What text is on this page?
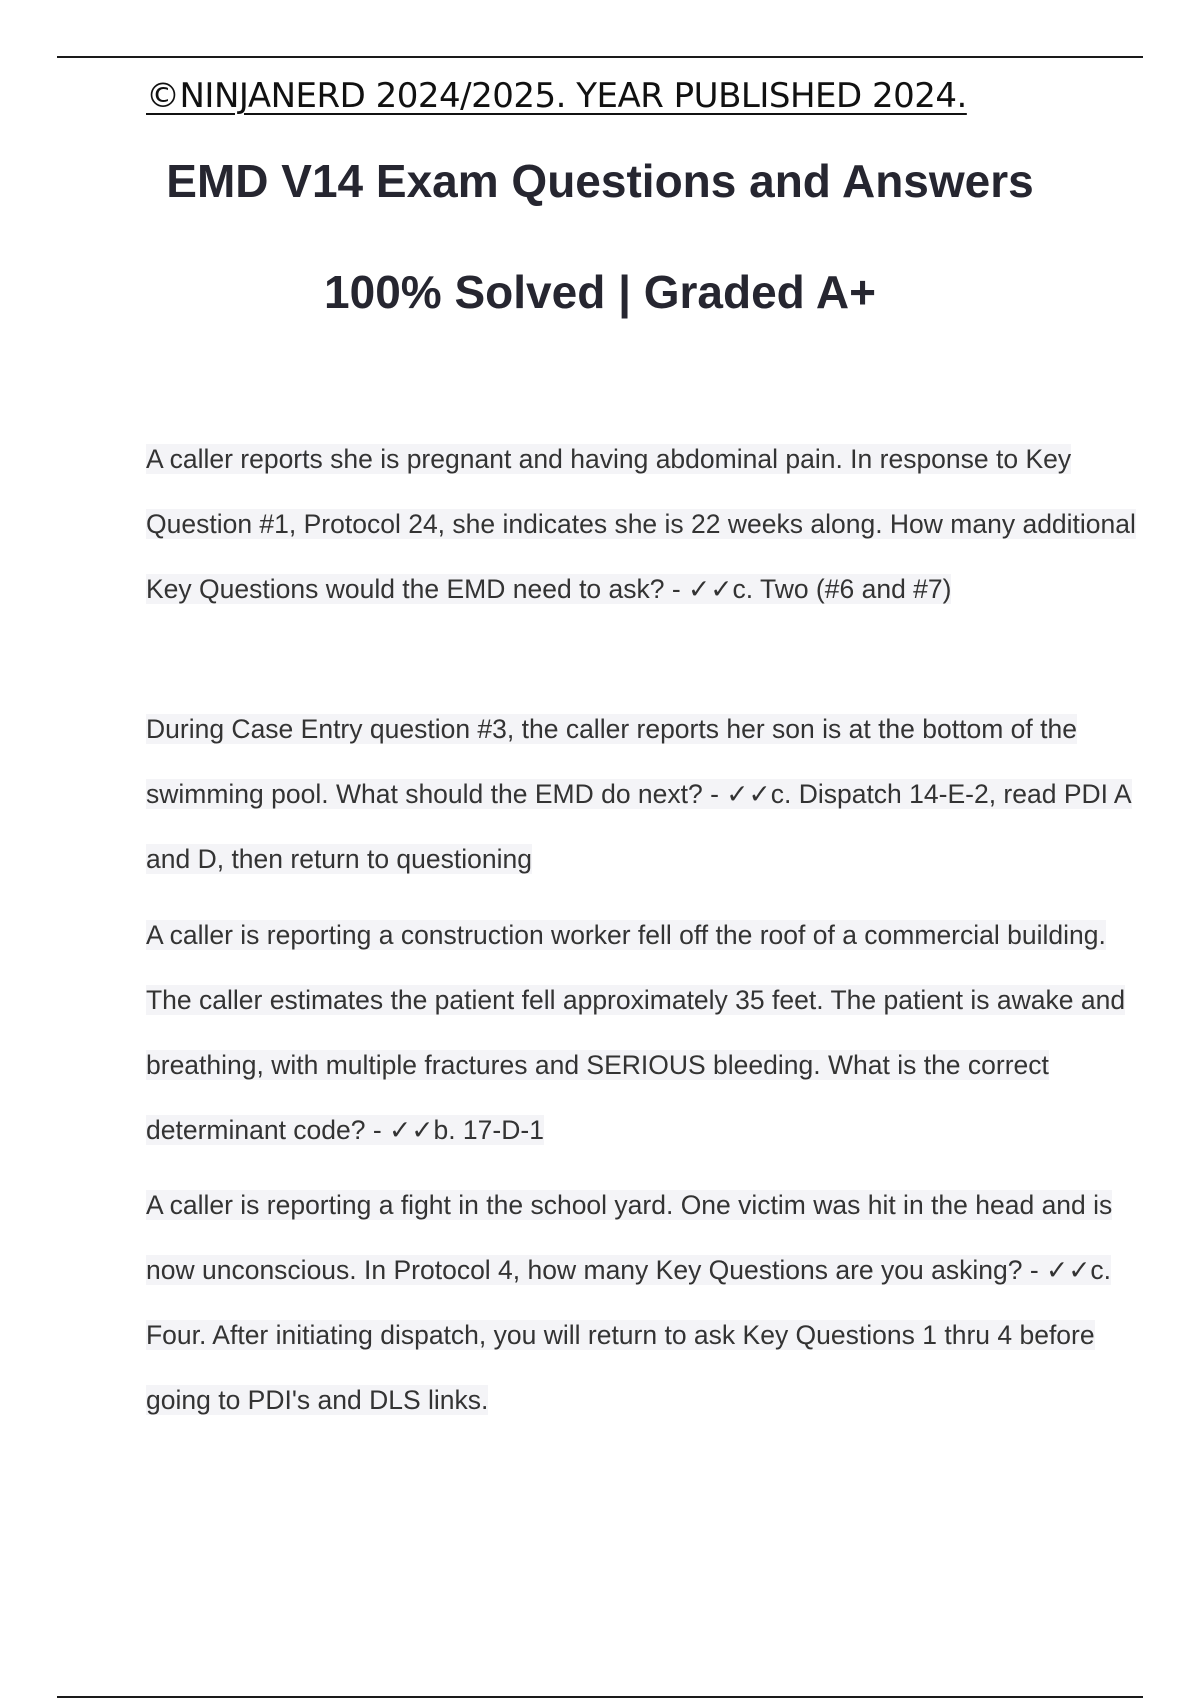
©NINJANERD 2024/2025. YEAR PUBLISHED 2024.
EMD V14 Exam Questions and Answers
100% Solved | Graded A+

A caller reports she is pregnant and having abdominal pain. In response to Key Question #1, Protocol 24, she indicates she is 22 weeks along. How many additional Key Questions would the EMD need to ask? - ✓✓c. Two (#6 and #7)

During Case Entry question #3, the caller reports her son is at the bottom of the swimming pool. What should the EMD do next? - ✓✓c. Dispatch 14-E-2, read PDI A and D, then return to questioning

A caller is reporting a construction worker fell off the roof of a commercial building. The caller estimates the patient fell approximately 35 feet. The patient is awake and breathing, with multiple fractures and SERIOUS bleeding. What is the correct determinant code? - ✓✓b. 17-D-1

A caller is reporting a fight in the school yard. One victim was hit in the head and is now unconscious. In Protocol 4, how many Key Questions are you asking? - ✓✓c. Four. After initiating dispatch, you will return to ask Key Questions 1 thru 4 before going to PDI's and DLS links.
